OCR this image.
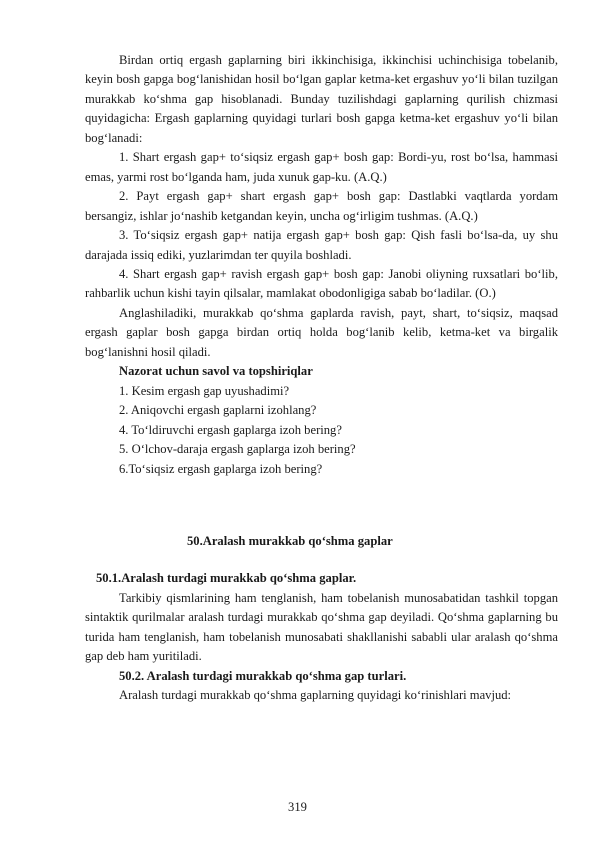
Birdan ortiq ergash gaplarning biri ikkinchisiga, ikkinchisi uchinchisiga tobelanib, keyin bosh gapga bog‘lanishidan hosil bo‘lgan gaplar ketma-ket ergashuv yo‘li bilan tuzilgan murakkab ko‘shma gap hisoblanadi. Bunday tuzilishdagi gaplarning qurilish chizmasi quyidagicha: Ergash gaplarning quyidagi turlari bosh gapga ketma-ket ergashuv yo‘li bilan bog‘lanadi:

1. Shart ergash gap+ to‘siqsiz ergash gap+ bosh gap: Bordi-yu, rost bo‘lsa, hammasi emas, yarmi rost bo‘lganda ham, juda xunuk gap-ku. (A.Q.)

2. Payt ergash gap+ shart ergash gap+ bosh gap: Dastlabki vaqtlarda yordam bersangiz, ishlar jo‘nashib ketgandan keyin, uncha og‘irligim tushmas. (A.Q.)

3. To‘siqsiz ergash gap+ natija ergash gap+ bosh gap: Qish fasli bo‘lsa-da, uy shu darajada issiq ediki, yuzlarimdan ter quyila boshladi.

4. Shart ergash gap+ ravish ergash gap+ bosh gap: Janobi oliyning ruxsatlari bo‘lib, rahbarlik uchun kishi tayin qilsalar, mamlakat obodonligiga sabab bo‘ladilar. (O.)

Anglashiladiki, murakkab qo‘shma gaplarda ravish, payt, shart, to‘siqsiz, maqsad ergash gaplar bosh gapga birdan ortiq holda bog‘lanib kelib, ketma-ket va birgalik bog‘lanishni hosil qiladi.

Nazorat uchun savol va topshiriqlar

1. Kesim ergash gap uyushadimi?

2. Aniqovchi ergash gaplarni izohlang?

4. To‘ldiruvchi ergash gaplarga izoh bering?

5. O‘lchov-daraja ergash gaplarga izoh bering?

6.To‘siqsiz ergash gaplarga izoh bering?

50.Aralash murakkab qo‘shma gaplar

50.1.Aralash turdagi murakkab qo‘shma gaplar.

Tarkibiy qismlarining ham tenglanish, ham tobelanish munosabatidan tashkil topgan sintaktik qurilmalar aralash turdagi murakkab qo‘shma gap deyiladi. Qo‘shma gaplarning bu turida ham tenglanish, ham tobelanish munosabati shakllanishi sababli ular aralash qo‘shma gap deb ham yuritiladi.

50.2. Aralash turdagi murakkab qo‘shma gap turlari.

Aralash turdagi murakkab qo‘shma gaplarning quyidagi ko‘rinishlari mavjud:

319
